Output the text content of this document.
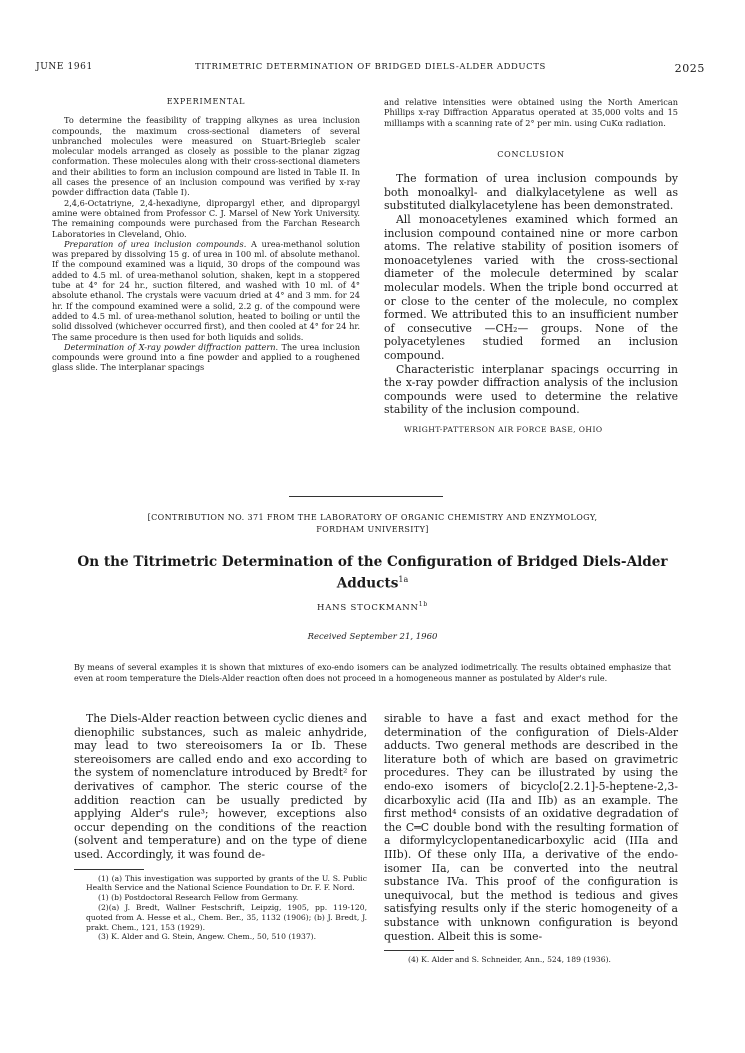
JUNE 1961	TITRIMETRIC DETERMINATION OF BRIDGED DIELS-ALDER ADDUCTS	2025
EXPERIMENTAL

To determine the feasibility of trapping alkynes as urea inclusion compounds, the maximum cross-sectional diameters of several unbranched molecules were measured on Stuart-Briegleb scaler molecular models arranged as closely as possible to the planar zigzag conformation. These molecules along with their cross-sectional diameters and their abilities to form an inclusion compound are listed in Table II. In all cases the presence of an inclusion compound was verified by x-ray powder diffraction data (Table I).

2,4,6-Octatriyne, 2,4-hexadiyne, dipropargyl ether, and dipropargyl amine were obtained from Professor C. J. Marsel of New York University. The remaining compounds were purchased from the Farchan Research Laboratories in Cleveland, Ohio.

Preparation of urea inclusion compounds. A urea-methanol solution was prepared by dissolving 15 g. of urea in 100 ml. of absolute methanol. If the compound examined was a liquid, 30 drops of the compound was added to 4.5 ml. of urea-methanol solution, shaken, kept in a stoppered tube at 4° for 24 hr., suction filtered, and washed with 10 ml. of 4° absolute ethanol. The crystals were vacuum dried at 4° and 3 mm. for 24 hr. If the compound examined were a solid, 2.2 g. of the compound were added to 4.5 ml. of urea-methanol solution, heated to boiling or until the solid dissolved (whichever occurred first), and then cooled at 4° for 24 hr. The same procedure is then used for both liquids and solids.

Determination of X-ray powder diffraction pattern. The urea inclusion compounds were ground into a fine powder and applied to a roughened glass slide. The interplanar spacings

and relative intensities were obtained using the North American Phillips x-ray Diffraction Apparatus operated at 35,000 volts and 15 milliamps with a scanning rate of 2° per min. using CuKα radiation.

CONCLUSION

The formation of urea inclusion compounds by both monoalkyl- and dialkylacetylene as well as substituted dialkylacetylene has been demonstrated.

All monoacetylenes examined which formed an inclusion compound contained nine or more carbon atoms. The relative stability of position isomers of monoacetylenes varied with the cross-sectional diameter of the molecule determined by scalar molecular models. When the triple bond occurred at or close to the center of the molecule, no complex formed. We attributed this to an insufficient number of consecutive —CH₂— groups. None of the polyacetylenes studied formed an inclusion compound.

Characteristic interplanar spacings occurring in the x-ray powder diffraction analysis of the inclusion compounds were used to determine the relative stability of the inclusion compound.

WRIGHT-PATTERSON AIR FORCE BASE, OHIO
[CONTRIBUTION NO. 371 FROM THE LABORATORY OF ORGANIC CHEMISTRY AND ENZYMOLOGY,
FORDHAM UNIVERSITY]
On the Titrimetric Determination of the Configuration of Bridged Diels-Alder Adducts$^{1a}$
HANS $STOCKMANN^{1b}$
Received September 21, 1960
By means of several examples it is shown that mixtures of exo-endo isomers can be analyzed iodimetrically. The results obtained emphasize that even at room temperature the Diels-Alder reaction often does not proceed in a homogeneous manner as postulated by Alder's rule.

The Diels-Alder reaction between cyclic dienes and dienophilic substances, such as maleic anhydride, may lead to two stereoisomers Ia or Ib. These stereoisomers are called endo and exo according to the system of nomenclature introduced by Bredt² for derivatives of camphor. The steric course of the addition reaction can be usually predicted by applying Alder's rule³; however, exceptions also occur depending on the conditions of the reaction (solvent and temperature) and on the type of diene used. Accordingly, it was found de-

(1) (a) This investigation was supported by grants of the U. S. Public Health Service and the National Science Foundation to Dr. F. F. Nord.

(1) (b) Postdoctoral Research Fellow from Germany.

(2)(a) J. Bredt, Wallner Festschrift, Leipzig, 1905, pp. 119-120, quoted from A. Hesse et al., Chem. Ber., 35, 1132 (1906); (b) J. Bredt, J. prakt. Chem., 121, 153 (1929).

(3) K. Alder and G. Stein, Angew. Chem., 50, 510 (1937).

sirable to have a fast and exact method for the determination of the configuration of Diels-Alder adducts. Two general methods are described in the literature both of which are based on gravimetric procedures. They can be illustrated by using the endo-exo isomers of bicyclo[2.2.1]-5-heptene-2,3-dicarboxylic acid (IIa and IIb) as an example. The first method⁴ consists of an oxidative degradation of the C═C double bond with the resulting formation of a diformylcyclopentanedicarboxylic acid (IIIa and IIIb). Of these only IIIa, a derivative of the endo-isomer IIa, can be converted into the neutral substance IVa. This proof of the configuration is unequivocal, but the method is tedious and gives satisfying results only if the steric homogeneity of a substance with unknown configuration is beyond question. Albeit this is some-

(4) K. Alder and S. Schneider, Ann., 524, 189 (1936).
